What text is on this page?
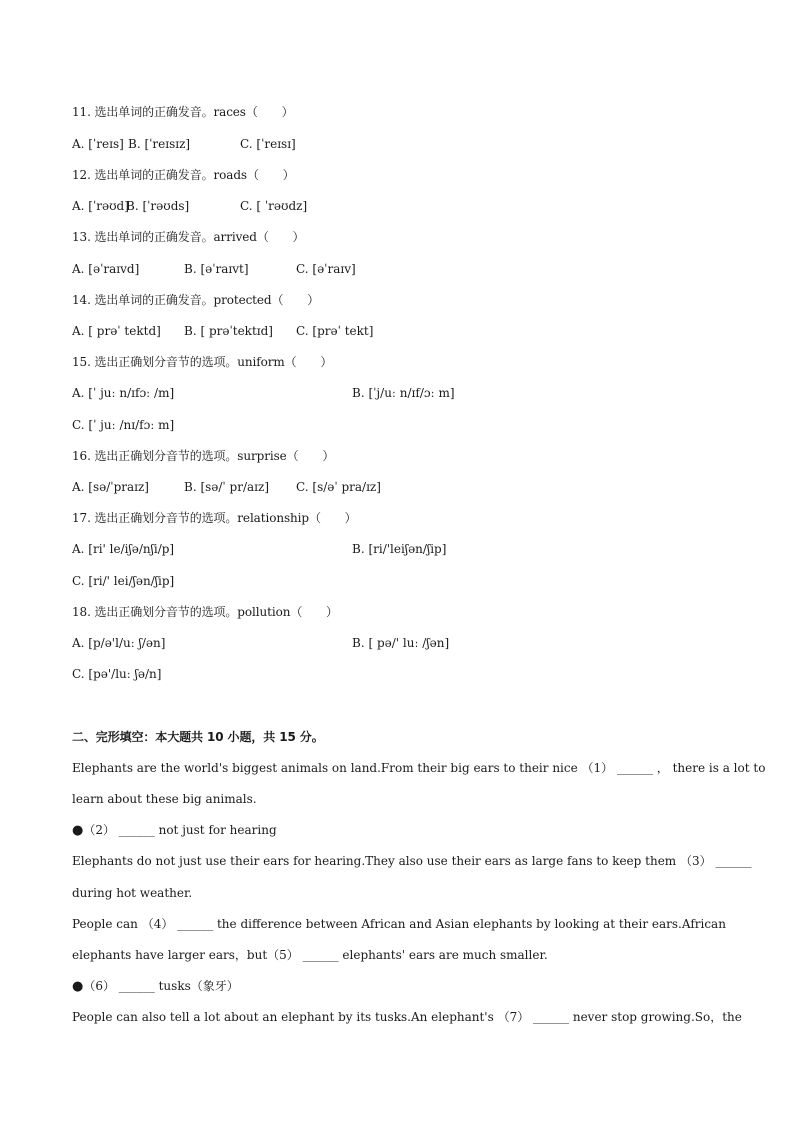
11. 选出单词的正确发音。races（　　）
A. [ˈreɪs] B. [ˈreɪsɪz]	C. [ˈreɪsɪ]
12. 选出单词的正确发音。roads（　　）
A. [ˈrəʊd]
B. [ˈrəʊds]	C. [ ˈrəʊdz]
13. 选出单词的正确发音。arrived（　　）
A. [əˈraɪvd]	B. [əˈraɪvt]	C. [əˈraɪv]
14. 选出单词的正确发音。protected（　　）
A. [ prəˈ tektd] B. [ prəˈtektɪd] C. [prəˈ tekt]
15. 选出正确划分音节的选项。uniform（　　）
A. [ˈ juː n/ɪfɔː /m]	B. [ˈj/uː n/ɪf/ɔː m]
C. [ˈ juː /nɪ/fɔː m]
16. 选出正确划分音节的选项。surprise（　　）
A. [sə/ˈpraɪz]	B. [sə/ˈ pr/aɪz] C. [s/əˈ pra/ɪz]
17. 选出正确划分音节的选项。relationship（　　）
A. [ri' le/iʃə/nʃi/p]	B. [ri/'leiʃən/ʃip]
C. [ri/' lei/ʃən/ʃip]
18. 选出正确划分音节的选项。pollution（　　）
A. [p/ə'l/uː ʃ/ən]	B. [ pə/' luː /ʃən]
C. [pə'/luː ʃə/n]
二、完形填空：本大题共 10 小题，共 15 分。
Elephants are the world's biggest animals on land.From their big ears to their nice （1） ______ ， there is a lot to
learn about these big animals.
●（2） ______ not just for hearing
Elephants do not just use their ears for hearing.They also use their ears as large fans to keep them （3） ______
during hot weather.
People can （4） ______ the difference between African and Asian elephants by looking at their ears.African
elephants have larger ears，but（5） ______ elephants' ears are much smaller.
●（6） ______ tusks（象牙）
People can also tell a lot about an elephant by its tusks.An elephant's （7） ______ never stop growing.So，the
